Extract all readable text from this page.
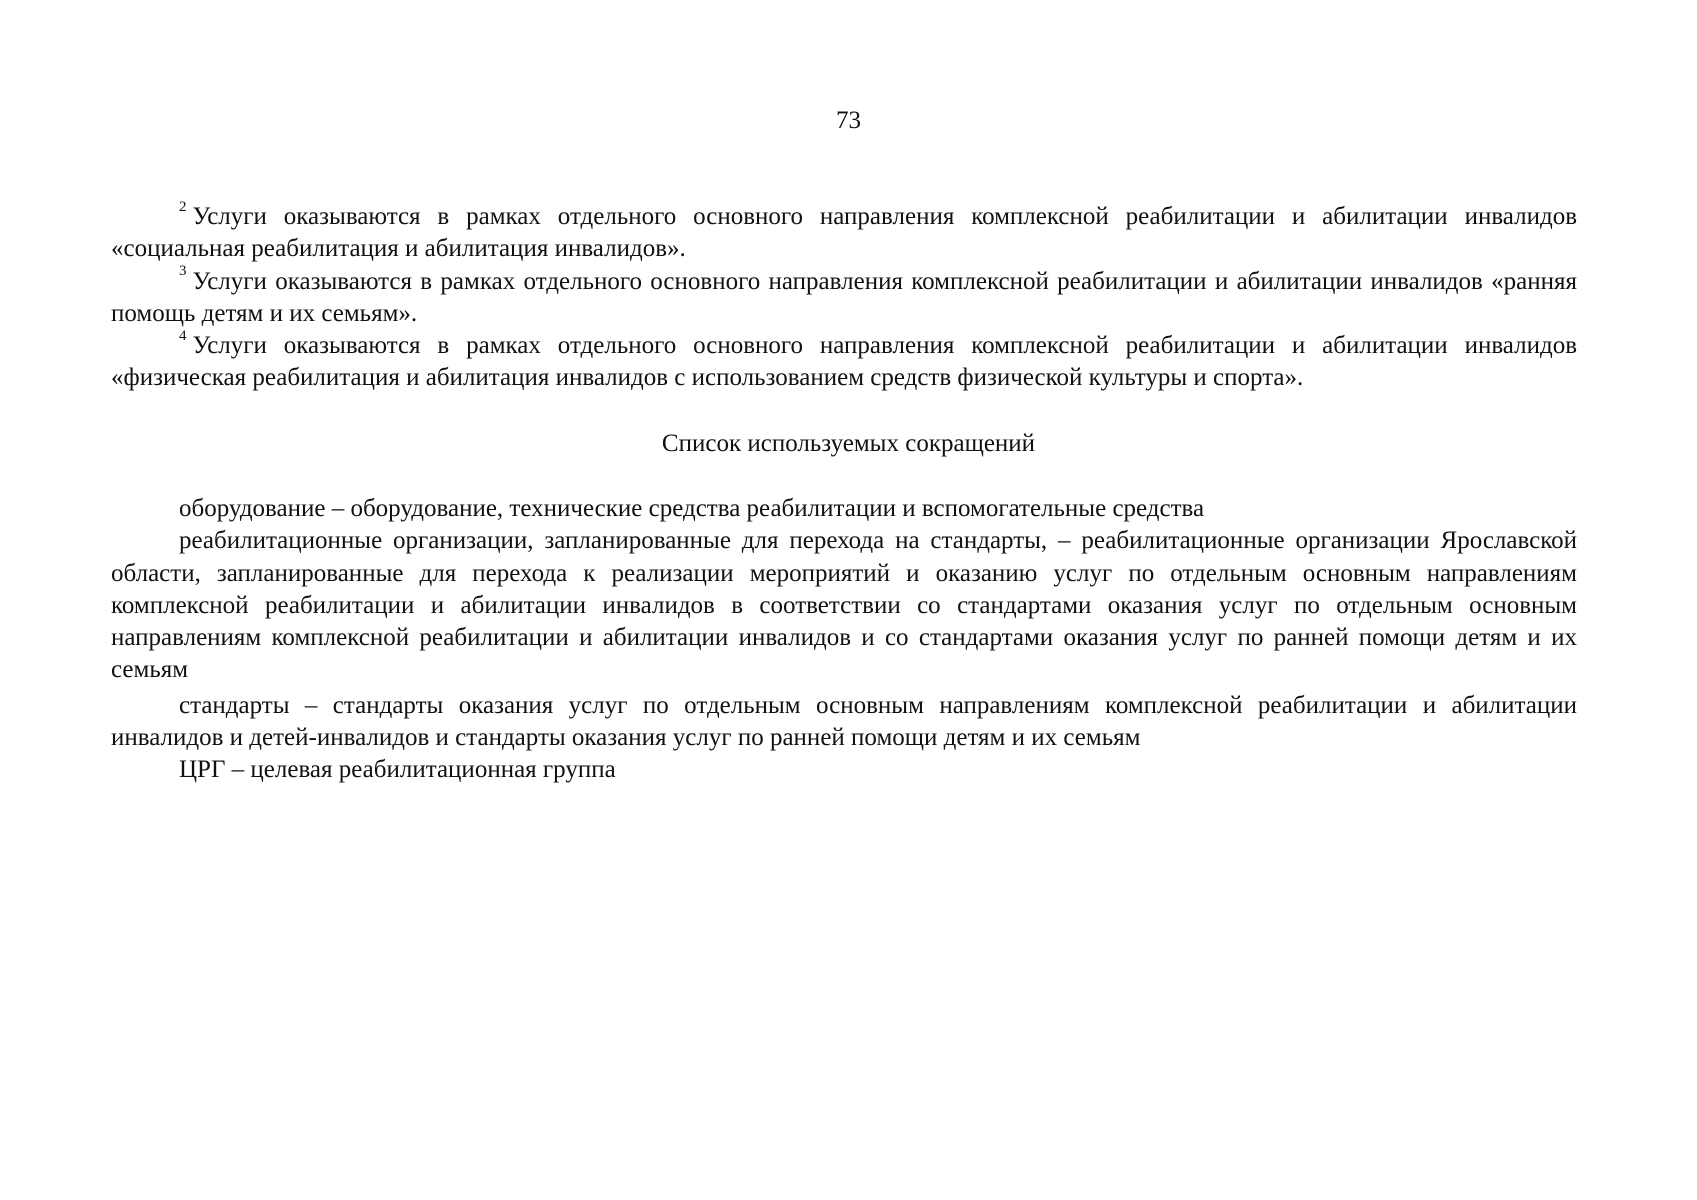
73

$^2$ Услуги оказываются в рамках отдельного основного направления комплексной реабилитации и абилитации инвалидов «социальная реабилитация и абилитация инвалидов».

$^3$ Услуги оказываются в рамках отдельного основного направления комплексной реабилитации и абилитации инвалидов «ранняя помощь детям и их семьям».

$^4$ Услуги оказываются в рамках отдельного основного направления комплексной реабилитации и абилитации инвалидов «физическая реабилитация и абилитация инвалидов с использованием средств физической культуры и спорта».

Список используемых сокращений

оборудование – оборудование, технические средства реабилитации и вспомогательные средства

реабилитационные организации, запланированные для перехода на стандарты, – реабилитационные организации Ярославской области, запланированные для перехода к реализации мероприятий и оказанию услуг по отдельным основным направлениям комплексной реабилитации и абилитации инвалидов в соответствии со стандартами оказания услуг по отдельным основным направлениям комплексной реабилитации и абилитации инвалидов и со стандартами оказания услуг по ранней помощи детям и их семьям

стандарты – стандарты оказания услуг по отдельным основным направлениям комплексной реабилитации и абилитации инвалидов и детей-инвалидов и стандарты оказания услуг по ранней помощи детям и их семьям

ЦРГ – целевая реабилитационная группа
